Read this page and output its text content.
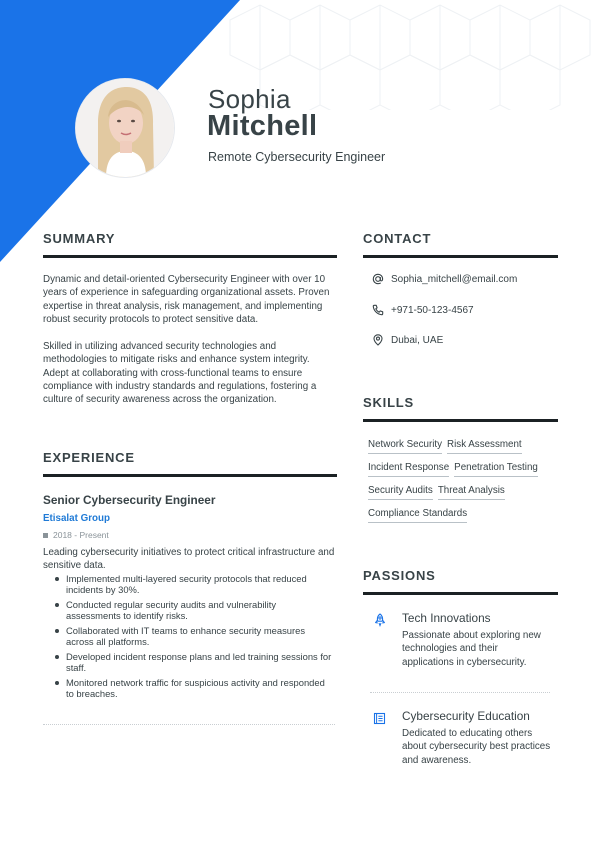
Sophia
Mitchell
Remote Cybersecurity Engineer
SUMMARY
Dynamic and detail-oriented Cybersecurity Engineer with over 10 years of experience in safeguarding organizational assets. Proven expertise in threat analysis, risk management, and implementing robust security protocols to protect sensitive data.
Skilled in utilizing advanced security technologies and methodologies to mitigate risks and enhance system integrity. Adept at collaborating with cross-functional teams to ensure compliance with industry standards and regulations, fostering a culture of security awareness across the organization.
EXPERIENCE
Senior Cybersecurity Engineer
Etisalat Group
2018 - Present
Leading cybersecurity initiatives to protect critical infrastructure and sensitive data.
Implemented multi-layered security protocols that reduced incidents by 30%.
Conducted regular security audits and vulnerability assessments to identify risks.
Collaborated with IT teams to enhance security measures across all platforms.
Developed incident response plans and led training sessions for staff.
Monitored network traffic for suspicious activity and responded to breaches.
CONTACT
Sophia_mitchell@email.com
+971-50-123-4567
Dubai, UAE
SKILLS
Network Security Risk Assessment
Incident Response Penetration Testing
Security Audits Threat Analysis
Compliance Standards
PASSIONS
Tech Innovations
Passionate about exploring new technologies and their applications in cybersecurity.
Cybersecurity Education
Dedicated to educating others about cybersecurity best practices and awareness.
